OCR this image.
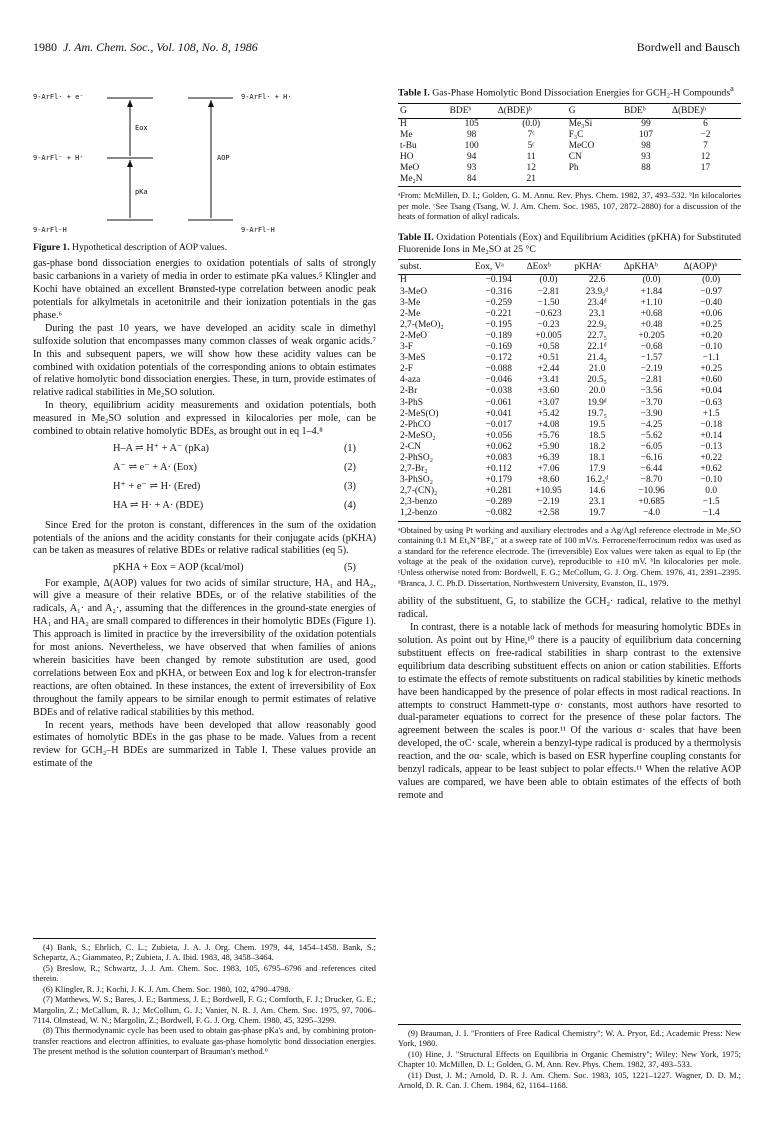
1980 J. Am. Chem. Soc., Vol. 108, No. 8, 1986	Bordwell and Bausch
9-ArFl· + e⁻	9-ArFl· + H·
Eox
9-ArFl⁻ + H⁺	AOP
pKa
9-ArFl-H	9-ArFl-H
Figure 1. Hypothetical description of AOP values.

gas-phase bond dissociation energies to oxidation potentials of salts of strongly basic carbanions in a variety of media in order to estimate pKa values.⁵ Klingler and Kochi have obtained an excellent Brønsted-type correlation between anodic peak potentials for alkylmetals in acetonitrile and their ionization potentials in the gas phase.⁶

During the past 10 years, we have developed an acidity scale in dimethyl sulfoxide solution that encompasses many common classes of weak organic acids.⁷ In this and subsequent papers, we will show how these acidity values can be combined with oxidation potentials of the corresponding anions to obtain estimates of relative homolytic bond dissociation energies. These, in turn, provide estimates of relative radical stabilities in Me₂SO solution.

In theory, equilibrium acidity measurements and oxidation potentials, both measured in Me₂SO solution and expressed in kilocalories per mole, can be combined to obtain relative homolytic BDEs, as brought out in eq 1–4.⁸

H–A ⇌ H⁺ + A⁻ (pKa)	(1)
A⁻ ⇌ e⁻ + A· (Eox)	(2)
H⁺ + e⁻ ⇌ H· (Ered)	(3)
HA ⇌ H· + A· (BDE)	(4)

Since Ered for the proton is constant, differences in the sum of the oxidation potentials of the anions and the acidity constants for their conjugate acids (pKHA) can be taken as measures of relative BDEs or relative radical stabilities (eq 5).

pKHA + Eox = AOP (kcal/mol)	(5)

For example, Δ(AOP) values for two acids of similar structure, HA₁ and HA₂, will give a measure of their relative BDEs, or of the relative stabilities of the radicals, A₁· and A₂·, assuming that the differences in the ground-state energies of HA₁ and HA₂ are small compared to differences in their homolytic BDEs (Figure 1). This approach is limited in practice by the irreversibility of the oxidation potentials for most anions. Nevertheless, we have observed that when families of anions wherein basicities have been changed by remote substitution are used, good correlations between Eox and pKHA, or between Eox and log k for electron-transfer reactions, are often obtained. In these instances, the extent of irreversibility of Eox throughout the family appears to be similar enough to permit estimates of relative BDEs and of relative radical stabilities by this method.

In recent years, methods have been developed that allow reasonably good estimates of homolytic BDEs in the gas phase to be made. Values from a recent review for GCH₂–H BDEs are summarized in Table I. These values provide an estimate of the

(4) Bank, S.; Ehrlich, C. L.; Zubieta, J. A. J. Org. Chem. 1979, 44, 1454–1458. Bank, S.; Schepartz, A.; Giammateo, P.; Zubieta, J. A. Ibid. 1983, 48, 3458–3464.
(5) Breslow, R.; Schwartz, J. J. Am. Chem. Soc. 1983, 105, 6795–6796 and references cited therein.
(6) Klingler, R. J.; Kochi, J. K. J. Am. Chem. Soc. 1980, 102, 4790–4798.
(7) Matthews, W. S.; Bares, J. E.; Bartmess, J. E.; Bordwell, F. G.; Cornforth, F. J.; Drucker, G. E.; Margolin, Z.; McCallum, R. J.; McCollum, G. J.; Vanier, N. R. J. Am. Chem. Soc. 1975, 97, 7006–7114. Olmstead, W. N.; Margolin, Z.; Bordwell, F. G. J. Org. Chem. 1980, 45, 3295–3299.
(8) This thermodynamic cycle has been used to obtain gas-phase pKa's and, by combining proton-transfer reactions and electron affinities, to evaluate gas-phase homolytic bond dissociation energies. The present method is the solution counterpart of Brauman's method.⁹
Table I. Gas-Phase Homolytic Bond Dissociation Energies for GCH₂-H Compounds$^a$
G	BDEᵇ	Δ(BDE)ᵇ	G	BDEᵇ	Δ(BDE)ᵇ
H	105	(0.0)	Me₃Si	99	6
Me	98	7ᶜ	F₃C	107	−2
t-Bu	100	5ᶜ	MeCO	98	7
HO	94	11	CN	93	12
MeO	93	12	Ph	88	17
Me₂N	84	21			
ᵃFrom: McMillen, D. I.; Golden, G. M. Annu. Rev. Phys. Chem. 1982, 37, 493–532. ᵇIn kilocalories per mole. ᶜSee Tsang (Tsang, W. J. Am. Chem. Soc. 1985, 107, 2872–2880) for a discussion of the heats of formation of alkyl radicals.
Table II. Oxidation Potentials (Eox) and Equilibrium Acidities (pKHA) for Substituted Fluorenide Ions in Me₂SO at 25 °C
subst.	Eox, Vᵃ	ΔEoxᵇ	pKHAᶜ	ΔpKHAᵇ	Δ(AOP)ᵇ
H	−0.194	(0.0)	22.6	(0.0)	(0.0)
3-MeO	−0.316	−2.81	23.9₅ᵈ	+1.84	−0.97
3-Me	−0.259	−1.50	23.4ᵈ	+1.10	−0.40
2-Me	−0.221	−0.623	23.1	+0.68	+0.06
2,7-(MeO)₂	−0.195	−0.23	22.9₅	+0.48	+0.25
2-MeO	−0.189	+0.005	22.7₅	+0.205	+0.20
3-F	−0.169	+0.58	22.1ᵈ	−0.68	−0.10
3-MeS	−0.172	+0.51	21.4₅	−1.57	−1.1
2-F	−0.088	+2.44	21.0	−2.19	+0.25
4-aza	−0.046	+3.41	20.5₅	−2.81	+0.60
2-Br	−0.038	+3.60	20.0	−3.56	+0.04
3-PhS	−0.061	+3.07	19.9ᵈ	−3.70	−0.63
2-MeS(O)	+0.041	+5.42	19.7₅	−3.90	+1.5
2-PhCO	−0.017	+4.08	19.5	−4.25	−0.18
2-MeSO₂	+0.056	+5.76	18.5	−5.62	+0.14
2-CN	+0.062	+5.90	18.2	−6.05	−0.13
2-PhSO₂	+0.083	+6.39	18.1	−6.16	+0.22
2,7-Br₂	+0.112	+7.06	17.9	−6.44	+0.62
3-PhSO₂	+0.179	+8.60	16.2₅ᵈ	−8.70	−0.10
2,7-(CN)₂	+0.281	+10.95	14.6	−10.96	0.0
2,3-benzo	−0.289	−2.19	23.1	+0.685	−1.5
1,2-benzo	−0.082	+2.58	19.7	−4.0	−1.4
ᵃObtained by using Pt working and auxiliary electrodes and a Ag/AgI reference electrode in Me₂SO containing 0.1 M Et₄N⁺BF₄⁻ at a sweep rate of 100 mV/s. Ferrocene/ferrocinum redox was used as a standard for the reference electrode. The (irreversible) Eox values were taken as equal to Ep (the voltage at the peak of the oxidation curve), reproducible to ±10 mV. ᵇIn kilocalories per mole. ᶜUnless otherwise noted from: Bordwell, F. G.; McCollum, G. J. Org. Chem. 1976, 41, 2391–2395. ᵈBranca, J. C. Ph.D. Dissertation, Northwestern University, Evanston, IL, 1979.

ability of the substituent, G, to stabilize the GCH₂· radical, relative to the methyl radical.

In contrast, there is a notable lack of methods for measuring homolytic BDEs in solution. As point out by Hine,¹⁰ there is a paucity of equilibrium data concerning substituent effects on free-radical stabilities in sharp contrast to the extensive equilibrium data describing substituent effects on anion or cation stabilities. Efforts to estimate the effects of remote substituents on radical stabilities by kinetic methods have been handicapped by the presence of polar effects in most radical reactions. In attempts to construct Hammett-type σ· constants, most authors have resorted to dual-parameter equations to correct for the presence of these polar factors. The agreement between the scales is poor.¹¹ Of the various σ· scales that have been developed, the σC· scale, wherein a benzyl-type radical is produced by a thermolysis reaction, and the σα· scale, which is based on ESR hyperfine coupling constants for benzyl radicals, appear to be least subject to polar effects.¹¹ When the relative AOP values are compared, we have been able to obtain estimates of the effects of both remote and

(9) Brauman, J. I. "Frontiers of Free Radical Chemistry"; W. A. Pryor, Ed.; Academic Press: New York, 1980.
(10) Hine, J. "Structural Effects on Equilibria in Organic Chemistry"; Wiley: New York, 1975; Chapter 10. McMillen, D. I.; Golden, G. M. Ann. Rev. Phys. Chem. 1982, 37, 493–533.
(11) Dust, J. M.; Arnold, D. R. J. Am. Chem. Soc. 1983, 105, 1221–1227. Wagner, D. D. M.; Arnold, D. R. Can. J. Chem. 1984, 62, 1164–1168.
